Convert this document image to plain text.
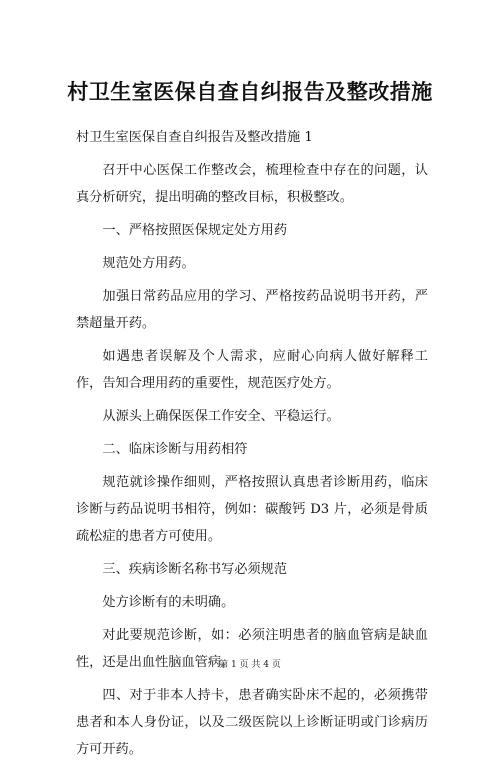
村卫生室医保自查自纠报告及整改措施

村卫生室医保自查自纠报告及整改措施 1

召开中心医保工作整改会，梳理检查中存在的问题，认真分析研究，提出明确的整改目标，积极整改。

一、严格按照医保规定处方用药

规范处方用药。

加强日常药品应用的学习、严格按药品说明书开药，严禁超量开药。

如遇患者误解及个人需求，应耐心向病人做好解释工作，告知合理用药的重要性，规范医疗处方。

从源头上确保医保工作安全、平稳运行。

二、临床诊断与用药相符

规范就诊操作细则，严格按照认真患者诊断用药，临床诊断与药品说明书相符，例如：碳酸钙 D3 片，必须是骨质疏松症的患者方可使用。

三、疾病诊断名称书写必须规范

处方诊断有的未明确。

对此要规范诊断，如：必须注明患者的脑血管病是缺血性，还是出血性脑血管病。

四、对于非本人持卡，患者确实卧床不起的，必须携带患者和本人身份证，以及二级医院以上诊断证明或门诊病历方可开药。

第 1 页 共 4 页
